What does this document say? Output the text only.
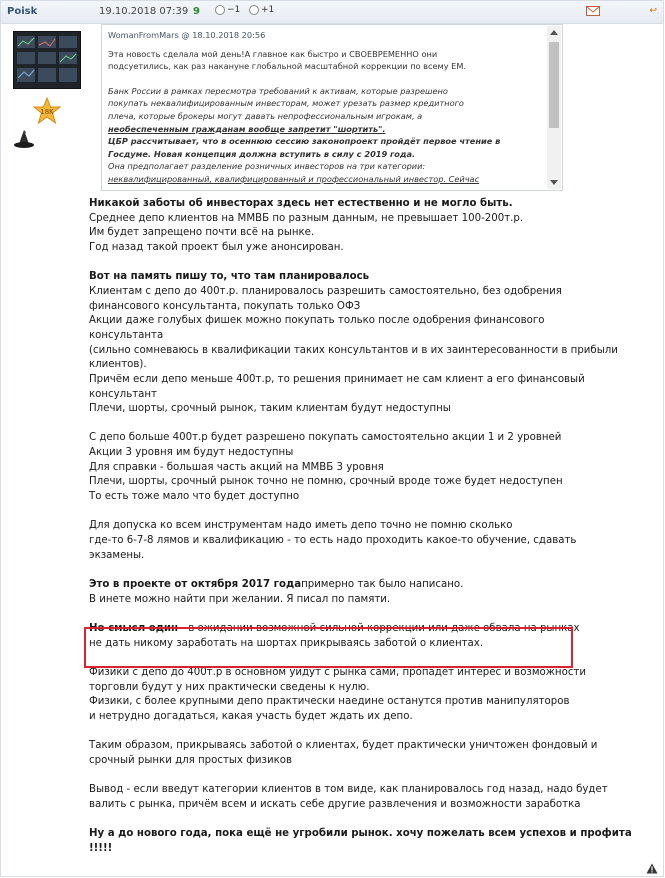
Poisk	19.10.2018 07:39 9	−1 +1	↩
18K
WomanFromMars @ 18.10.2018 20:56
Эта новость сделала мой день!А главное как быстро и СВОЕВРЕМЕННО они
подсуетились, как раз накануне глобальной масштабной коррекции по всему ЕМ.
Банк России в рамках пересмотра требований к активам, которые разрешено
покупать неквалифицированным инвесторам, может урезать размер кредитного
плеча, которые брокеры могут давать непрофессиональным игрокам, а
необеспеченным гражданам вообще запретит "шортить".
ЦБР рассчитывает, что в осеннюю сессию законопроект пройдёт первое чтение в
Госдуме. Новая концепция должна вступить в силу с 2019 года.
Она предполагает разделение розничных инвесторов на три категории:
неквалифицированный, квалифицированный и профессиональный инвестор. Сейчас
Никакой заботы об инвесторах здесь нет естественно и не могло быть.
Среднее депо клиентов на ММВБ по разным данным, не превышает 100-200т.р.
Им будет запрещено почти всё на рынке.
Год назад такой проект был уже анонсирован.
Вот на память пишу то, что там планировалось
Клиентам с депо до 400т.р. планировалось разрешить самостоятельно, без одобрения
финансового консультанта, покупать только ОФЗ
Акции даже голубых фишек можно покупать только после одобрения финансового
консультанта
(сильно сомневаюсь в квалификации таких консультантов и в их заинтересованности в прибыли
клиентов).
Причём если депо меньше 400т.р, то решения принимает не сам клиент а его финансовый
консультант
Плечи, шорты, срочный рынок, таким клиентам будут недоступны
С депо больше 400т.р будет разрешено покупать самостоятельно акции 1 и 2 уровней
Акции 3 уровня им будут недоступны
Для справки - большая часть акций на ММВБ 3 уровня
Плечи, шорты, срочный рынок точно не помню, срочный вроде тоже будет недоступен
То есть тоже мало что будет доступно
Для допуска ко всем инструментам надо иметь депо точно не помню сколько
где-то 6-7-8 лямов и квалификацию - то есть надо проходить какое-то обучение, сдавать
экзамены.
Это в проекте от октября 2017 годапримерно так было написано.
В инете можно найти при желании. Я писал по памяти.
Но смысл один - в ожидании возможной сильной коррекции или даже обвала на рынках
не дать никому заработать на шортах прикрываясь заботой о клиентах.
Физики с депо до 400т.р в основном уйдут с рынка сами, пропадёт интерес и возможности
торговли будут у них практически сведены к нулю.
Физики, с более крупными депо практически наедине останутся против манипуляторов
и нетрудно догадаться, какая участь будет ждать их депо.
Таким образом, прикрываясь заботой о клиентах, будет практически уничтожен фондовый и
срочный рынки для простых физиков
Вывод - если введут категории клиентов в том виде, как планировалось год назад, надо будет
валить с рынка, причём всем и искать себе другие развлечения и возможности заработка
Ну а до нового года, пока ещё не угробили рынок. хочу пожелать всем успехов и профита
!!!!!
